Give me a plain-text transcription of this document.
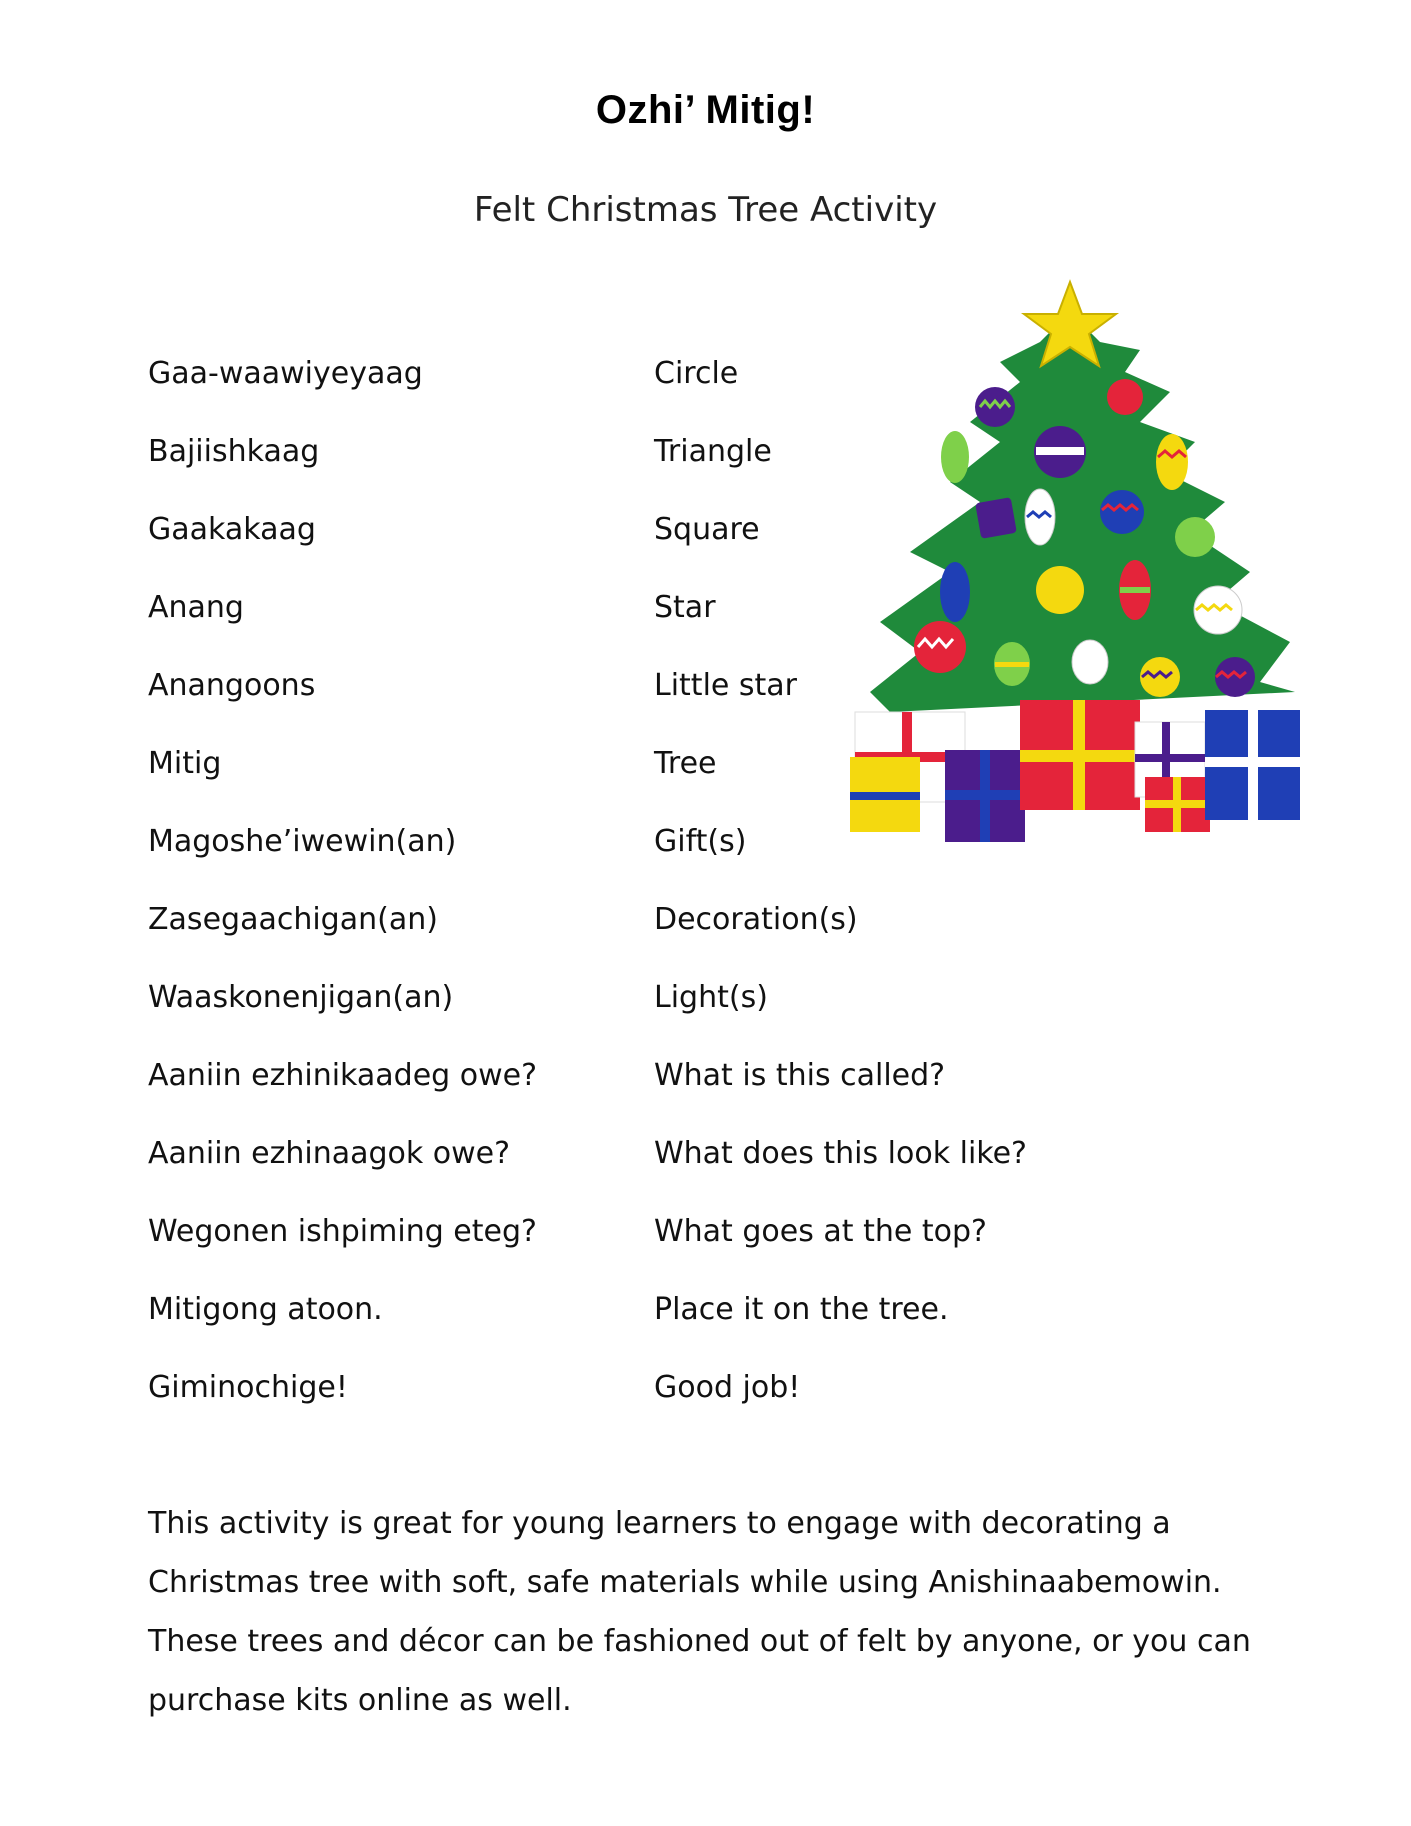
Ozhi’ Mitig!
Felt Christmas Tree Activity
Gaa-waawiyeyaag	Circle
Bajiishkaag	Triangle
Gaakakaag	Square
Anang	Star
Anangoons	Little star
Mitig	Tree
Magoshe’iwewin(an)	Gift(s)
Zasegaachigan(an)	Decoration(s)
Waaskonenjigan(an)	Light(s)
Aaniin ezhinikaadeg owe?	What is this called?
Aaniin ezhinaagok owe?	What does this look like?
Wegonen ishpiming eteg?	What goes at the top?
Mitigong atoon.	Place it on the tree.
Giminochige!	Good job!

This activity is great for young learners to engage with decorating a

Christmas tree with soft, safe materials while using Anishinaabemowin.

These trees and décor can be fashioned out of felt by anyone, or you can

purchase kits online as well.
